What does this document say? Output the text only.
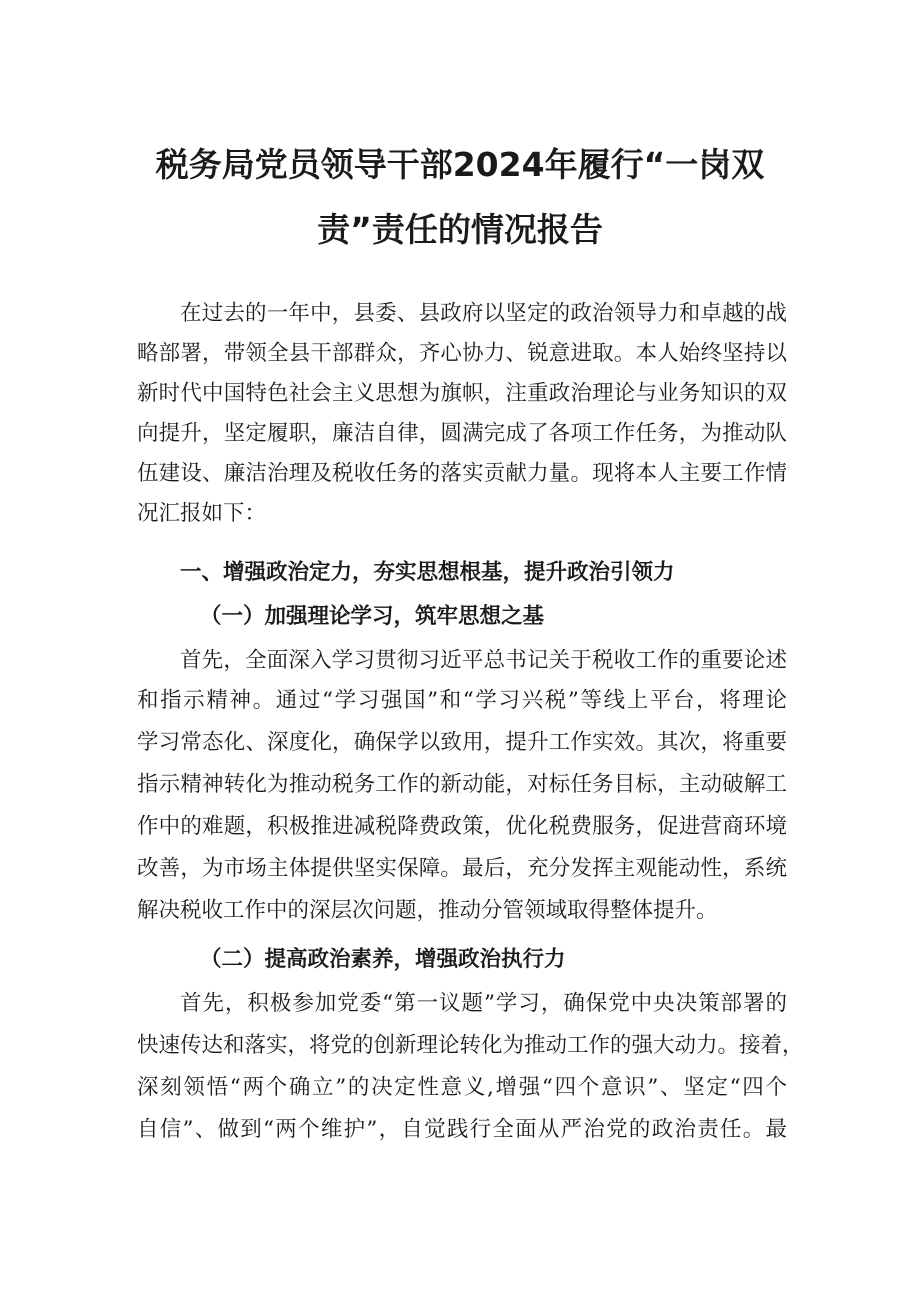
税务局党员领导干部2024年履行“一岗双
责”责任的情况报告
在过去的一年中，县委、县政府以坚定的政治领导力和卓越的战
略部署，带领全县干部群众，齐心协力、锐意进取。本人始终坚持以
新时代中国特色社会主义思想为旗帜，注重政治理论与业务知识的双
向提升，坚定履职，廉洁自律，圆满完成了各项工作任务，为推动队
伍建设、廉洁治理及税收任务的落实贡献力量。现将本人主要工作情
况汇报如下：
一、增强政治定力，夯实思想根基，提升政治引领力
（一）加强理论学习，筑牢思想之基
首先，全面深入学习贯彻习近平总书记关于税收工作的重要论述
和指示精神。通过“学习强国”和“学习兴税”等线上平台，将理论
学习常态化、深度化，确保学以致用，提升工作实效。其次，将重要
指示精神转化为推动税务工作的新动能，对标任务目标，主动破解工
作中的难题，积极推进减税降费政策，优化税费服务，促进营商环境
改善，为市场主体提供坚实保障。最后，充分发挥主观能动性，系统
解决税收工作中的深层次问题，推动分管领域取得整体提升。
（二）提高政治素养，增强政治执行力
首先，积极参加党委“第一议题”学习，确保党中央决策部署的
快速传达和落实，将党的创新理论转化为推动工作的强大动力。接着，
深刻领悟“两个确立”的决定性意义,增强“四个意识”、坚定“四个
自信”、做到“两个维护”，自觉践行全面从严治党的政治责任。最
